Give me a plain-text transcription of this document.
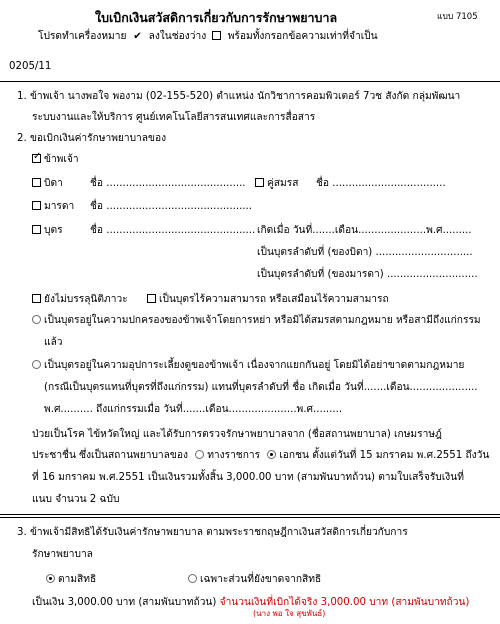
ใบเบิกเงินสวัสดิการเกี่ยวกับการรักษาพยาบาล	แบบ 7105
โปรดทำเครื่องหมาย  ✔  ลงในช่องว่าง พร้อมทั้งกรอกข้อความเท่าที่จำเป็น
0205/11
1. ข้าพเจ้า นางพอใจ พองาม (02-155-520) ตำแหน่ง นักวิชาการคอมพิวเตอร์ 7วช สังกัด กลุ่มพัฒนา
ระบบงานและให้บริการ ศูนย์เทคโนโลยีสารสนเทศและการสื่อสาร
2. ขอเบิกเงินค่ารักษาพยาบาลของ
✓ข้าพเจ้า
บิดา	ชื่อ ...........................................	คู่สมรส ชื่อ ...................................
มารดา ชื่อ .............................................
บุตร	ชื่อ .............................................. เกิดเมื่อ วันที่.......เดือน.....................พ.ศ.........
เป็นบุตรลำดับที่ (ของบิดา) ..............................
เป็นบุตรลำดับที่ (ของมารดา) ............................
ยังไม่บรรลุนิติภาวะ	เป็นบุตรไร้ความสามารถ หรือเสมือนไร้ความสามารถ
เป็นบุตรอยู่ในความปกครองของข้าพเจ้าโดยการหย่า หรือมิได้สมรสตามกฎหมาย หรือสามีถึงแก่กรรม
แล้ว
เป็นบุตรอยู่ในความอุปการะเลี้ยงดูของข้าพเจ้า เนื่องจากแยกกันอยู่ โดยมิได้อย่าขาดตามกฎหมาย
(กรณีเป็นบุตรแทนที่บุตรที่ถึงแก่กรรม) แทนที่บุตรลำดับที่ ชื่อ เกิดเมื่อ วันที่.......เดือน.....................
พ.ศ.......... ถึงแก่กรรมเมื่อ วันที่.......เดือน.....................พ.ศ.........
ป่วยเป็นโรค ไข้หวัดใหญ่ และได้รับการตรวจรักษาพยาบาลจาก (ชื่อสถานพยาบาล) เกษมราษฎ์
ประชาชื่น ซึ่งเป็นสถานพยาบาลของ ทางราชการ เอกชน ตั้งแต่วันที่ 15 มกราคม พ.ศ.2551 ถึงวัน
ที่ 16 มกราคม พ.ศ.2551 เป็นเงินรวมทั้งสิ้น 3,000.00 บาท (สามพันบาทถ้วน) ตามใบเสร็จรับเงินที่
แนบ จำนวน 2 ฉบับ
3. ข้าพเจ้ามีสิทธิได้รับเงินค่ารักษาพยาบาล ตามพระราชกฤษฎีกาเงินสวัสดิการเกี่ยวกับการ
รักษาพยาบาล
ตามสิทธิ	เฉพาะส่วนที่ยังขาดจากสิทธิ
เป็นเงิน 3,000.00 บาท (สามพันบาทถ้วน) จำนวนเงินที่เบิกได้จริง 3,000.00 บาท (สามพันบาทถ้วน)
(นาง พอ ใจ สุขพันธ์)
